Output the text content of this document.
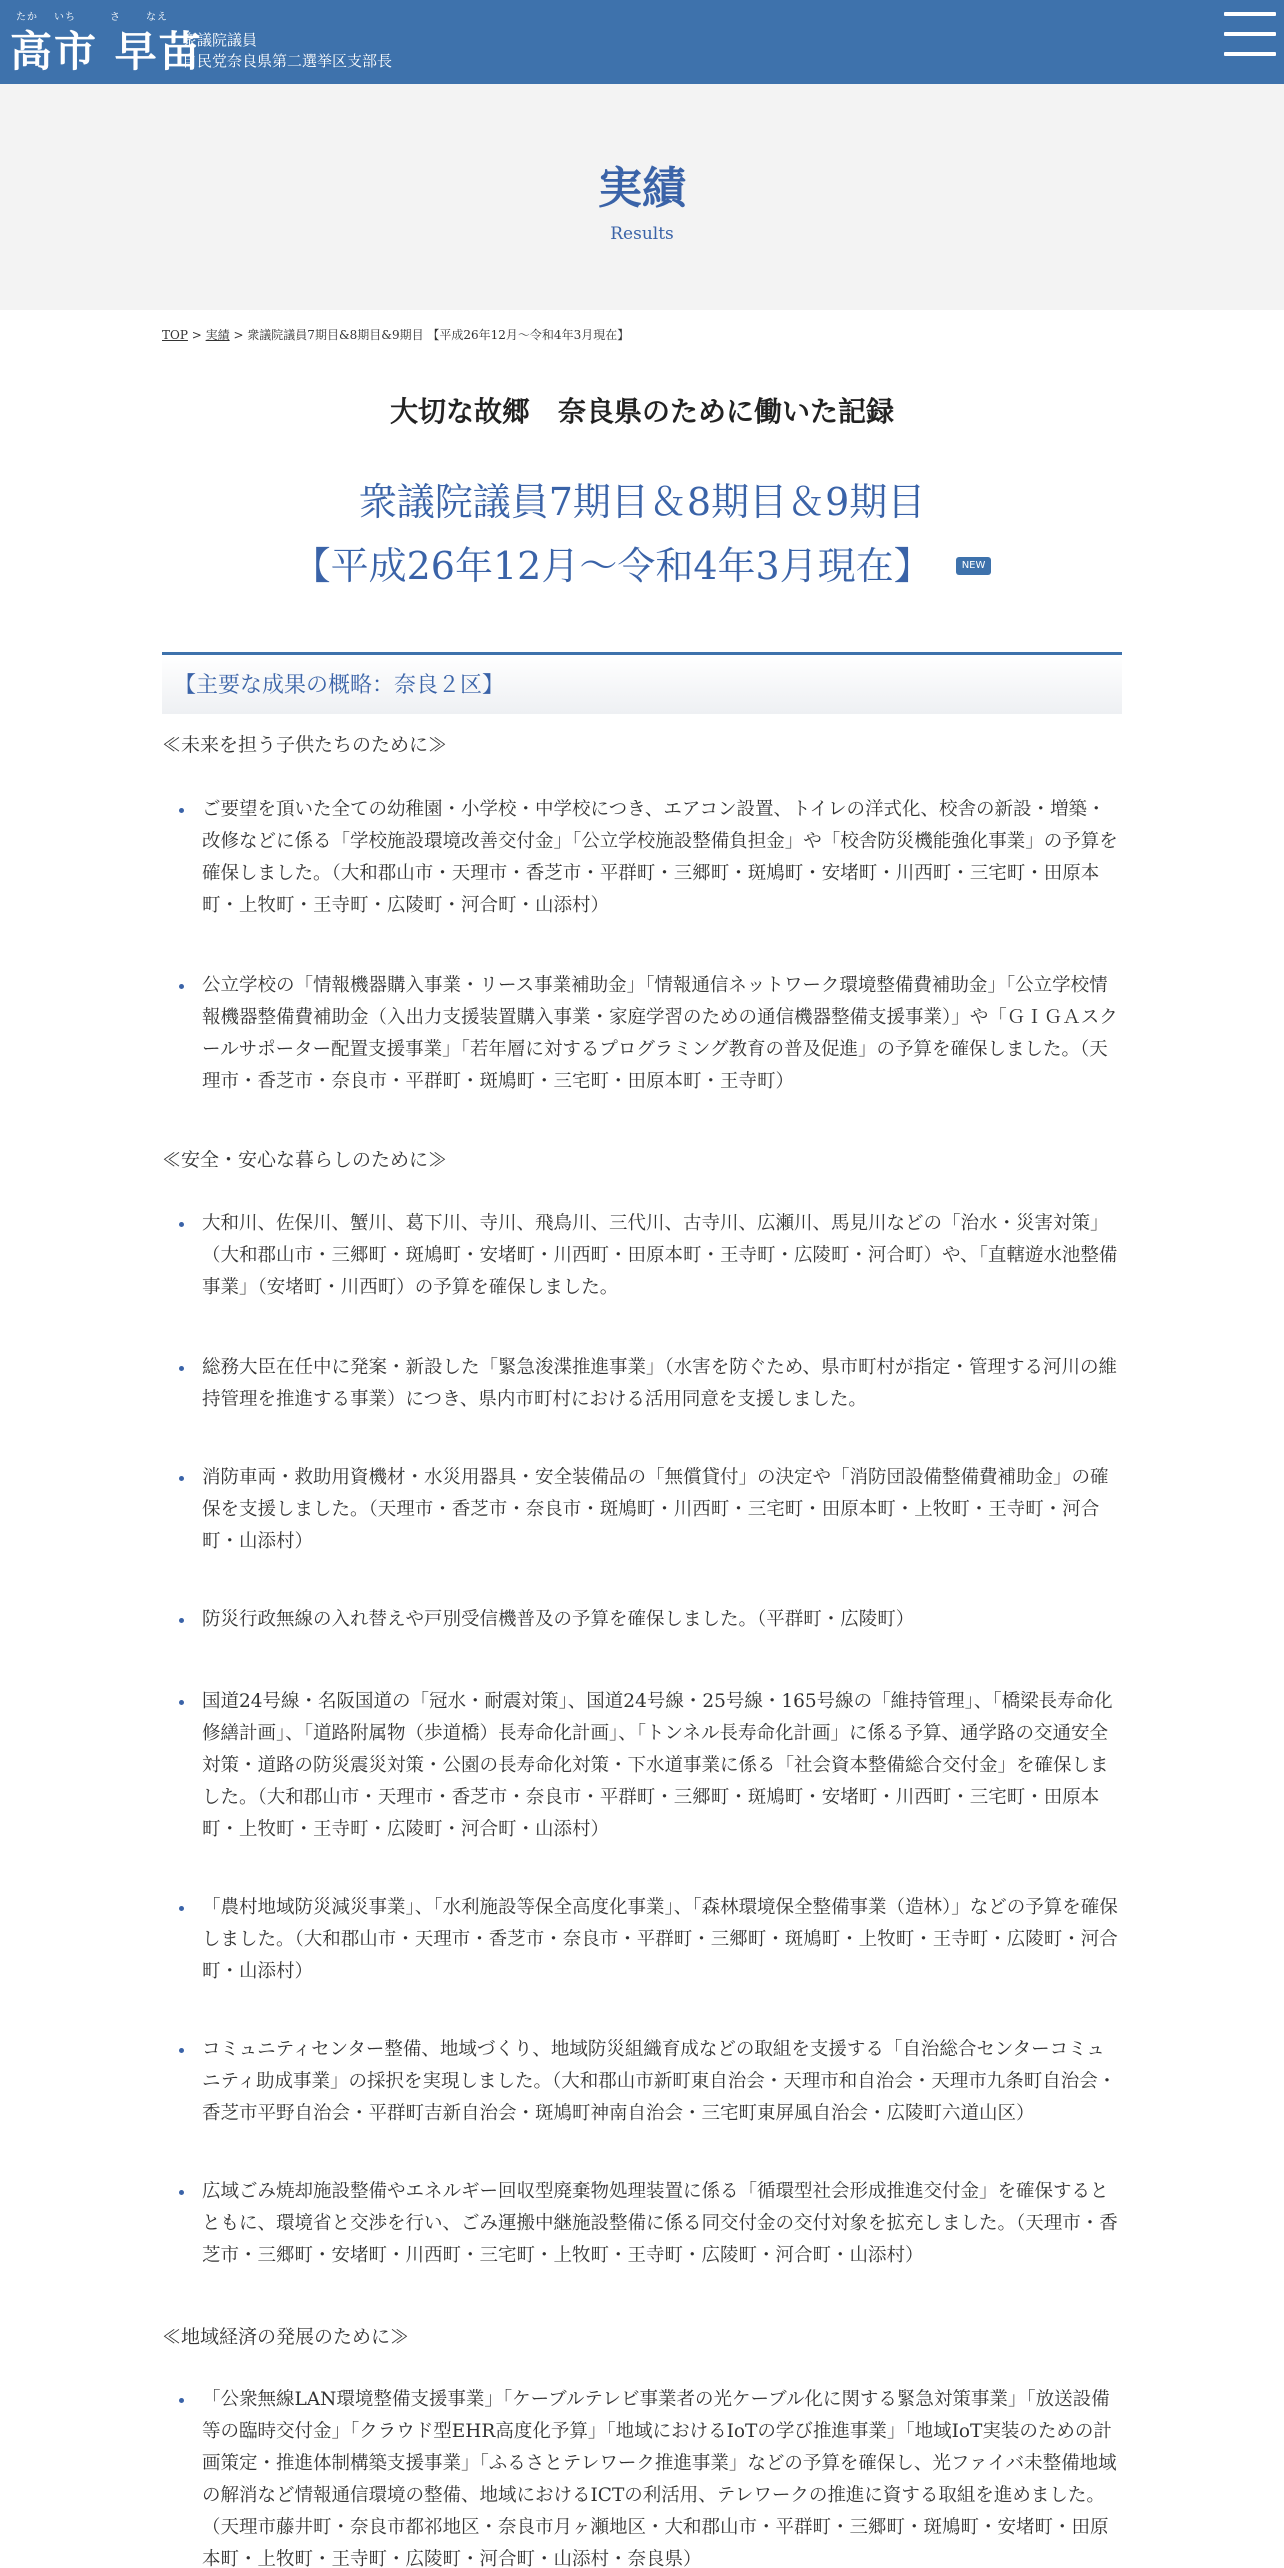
たか いち	さ	なえ
高市 早苗
衆議院議員
自民党奈良県第二選挙区支部長
実績
Results
TOP > 実績 > 衆議院議員7期目&8期目&9期目 【平成26年12月〜令和4年3月現在】
大切な故郷　奈良県のために働いた記録
衆議院議員7期目＆8期目＆9期目
【平成26年12月〜令和4年3月現在】	NEW
【主要な成果の概略：奈良２区】
≪未来を担う子供たちのために≫
≪安全・安心な暮らしのために≫
≪地域経済の発展のために≫
ご要望を頂いた全ての幼稚園・小学校・中学校につき、エアコン設置、トイレの洋式化、校舎の新設・増築・改修などに係る「学校施設環境改善交付金」「公立学校施設整備負担金」や「校舎防災機能強化事業」の予算を確保しました。（大和郡山市・天理市・香芝市・平群町・三郷町・斑鳩町・安堵町・川西町・三宅町・田原本町・上牧町・王寺町・広陵町・河合町・山添村）
公立学校の「情報機器購入事業・リース事業補助金」「情報通信ネットワーク環境整備費補助金」「公立学校情報機器整備費補助金（入出力支援装置購入事業・家庭学習のための通信機器整備支援事業）」や「ＧＩＧＡスクールサポーター配置支援事業」「若年層に対するプログラミング教育の普及促進」の予算を確保しました。（天理市・香芝市・奈良市・平群町・斑鳩町・三宅町・田原本町・王寺町）
大和川、佐保川、蟹川、葛下川、寺川、飛鳥川、三代川、古寺川、広瀬川、馬見川などの「治水・災害対策」（大和郡山市・三郷町・斑鳩町・安堵町・川西町・田原本町・王寺町・広陵町・河合町）や、「直轄遊水池整備事業」（安堵町・川西町）の予算を確保しました。
総務大臣在任中に発案・新設した「緊急浚渫推進事業」（水害を防ぐため、県市町村が指定・管理する河川の維持管理を推進する事業）につき、県内市町村における活用同意を支援しました。
消防車両・救助用資機材・水災用器具・安全装備品の「無償貸付」の決定や「消防団設備整備費補助金」の確保を支援しました。（天理市・香芝市・奈良市・斑鳩町・川西町・三宅町・田原本町・上牧町・王寺町・河合町・山添村）
防災行政無線の入れ替えや戸別受信機普及の予算を確保しました。（平群町・広陵町）
国道24号線・名阪国道の「冠水・耐震対策」、国道24号線・25号線・165号線の「維持管理」、「橋梁長寿命化修繕計画」、「道路附属物（歩道橋）長寿命化計画」、「トンネル長寿命化計画」に係る予算、通学路の交通安全対策・道路の防災震災対策・公園の長寿命化対策・下水道事業に係る「社会資本整備総合交付金」を確保しました。（大和郡山市・天理市・香芝市・奈良市・平群町・三郷町・斑鳩町・安堵町・川西町・三宅町・田原本町・上牧町・王寺町・広陵町・河合町・山添村）
「農村地域防災減災事業」、「水利施設等保全高度化事業」、「森林環境保全整備事業（造林）」などの予算を確保しました。（大和郡山市・天理市・香芝市・奈良市・平群町・三郷町・斑鳩町・上牧町・王寺町・広陵町・河合町・山添村）
コミュニティセンター整備、地域づくり、地域防災組織育成などの取組を支援する「自治総合センターコミュニティ助成事業」の採択を実現しました。（大和郡山市新町東自治会・天理市和自治会・天理市九条町自治会・香芝市平野自治会・平群町吉新自治会・斑鳩町神南自治会・三宅町東屏風自治会・広陵町六道山区）
広域ごみ焼却施設整備やエネルギー回収型廃棄物処理装置に係る「循環型社会形成推進交付金」を確保するとともに、環境省と交渉を行い、ごみ運搬中継施設整備に係る同交付金の交付対象を拡充しました。（天理市・香芝市・三郷町・安堵町・川西町・三宅町・上牧町・王寺町・広陵町・河合町・山添村）
「公衆無線LAN環境整備支援事業」「ケーブルテレビ事業者の光ケーブル化に関する緊急対策事業」「放送設備等の臨時交付金」「クラウド型EHR高度化予算」「地域におけるIoTの学び推進事業」「地域IoT実装のための計画策定・推進体制構築支援事業」「ふるさとテレワーク推進事業」などの予算を確保し、光ファイバ未整備地域の解消など情報通信環境の整備、地域におけるICTの利活用、テレワークの推進に資する取組を進めました。（天理市藤井町・奈良市都祁地区・奈良市月ヶ瀬地区・大和郡山市・平群町・三郷町・斑鳩町・安堵町・田原本町・上牧町・王寺町・広陵町・河合町・山添村・奈良県）
